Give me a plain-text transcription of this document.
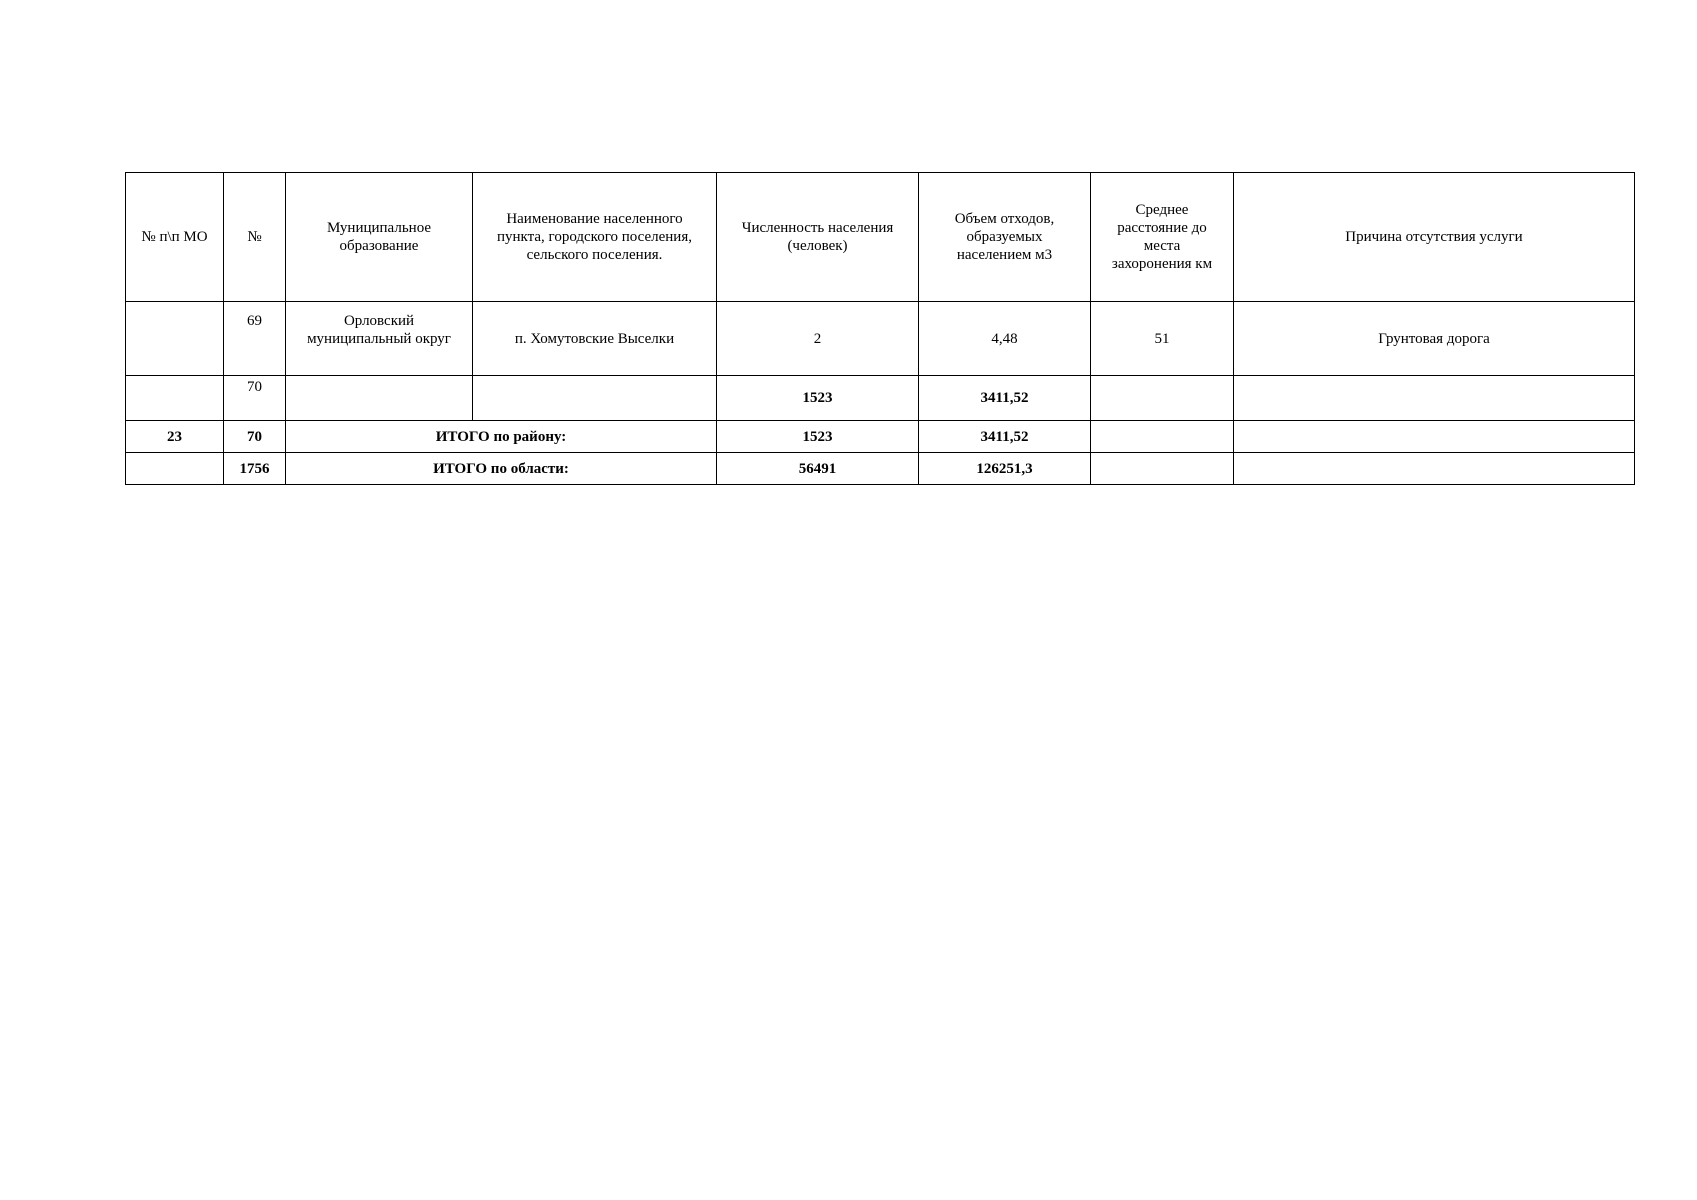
№ п\п МО	№	Муниципальное образование	Наименование населенного пункта, городского поселения, сельского поселения.	Численность населения (человек)	Объем отходов, образуемых населением м3	Среднее расстояние до места захоронения км	Причина отсутствия услуги
	69	Орловский муниципальный округ	п. Хомутовские Выселки	2	4,48	51	Грунтовая дорога
	70			1523	3411,52		
23	70	ИТОГО по району:		1523	3411,52		
	1756	ИТОГО по области:		56491	126251,3		
